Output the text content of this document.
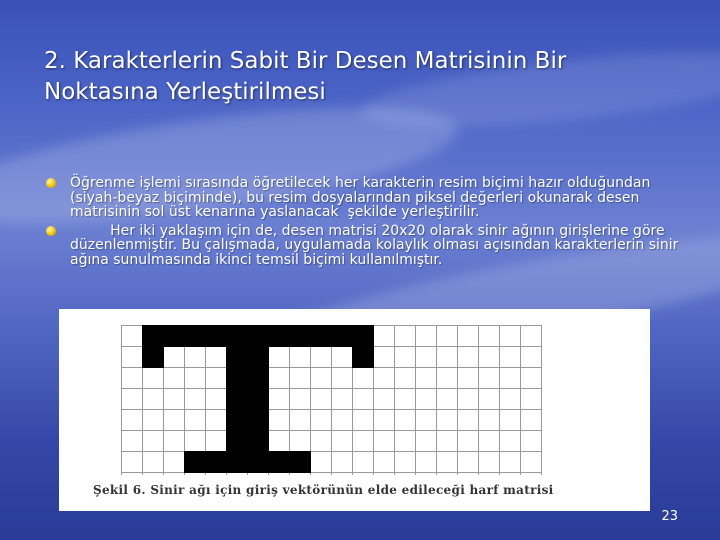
2. Karakterlerin Sabit Bir Desen Matrisinin Bir Noktasına Yerleştirilmesi
Öğrenme işlemi sırasında öğretilecek her karakterin resim biçimi hazır olduğundan (siyah-beyaz biçiminde), bu resim dosyalarından piksel değerleri okunarak desen matrisinin sol üst kenarına yaslanacak  şekilde yerleştirilir.
Her iki yaklaşım için de, desen matrisi 20x20 olarak sinir ağının girişlerine göre düzenlenmiştir. Bu çalışmada, uygulamada kolaylık olması açısından karakterlerin sinir ağına sunulmasında ikinci temsil biçimi kullanılmıştır.
Şekil 6. Sinir ağı için giriş vektörünün elde edileceği harf matrisi
23
